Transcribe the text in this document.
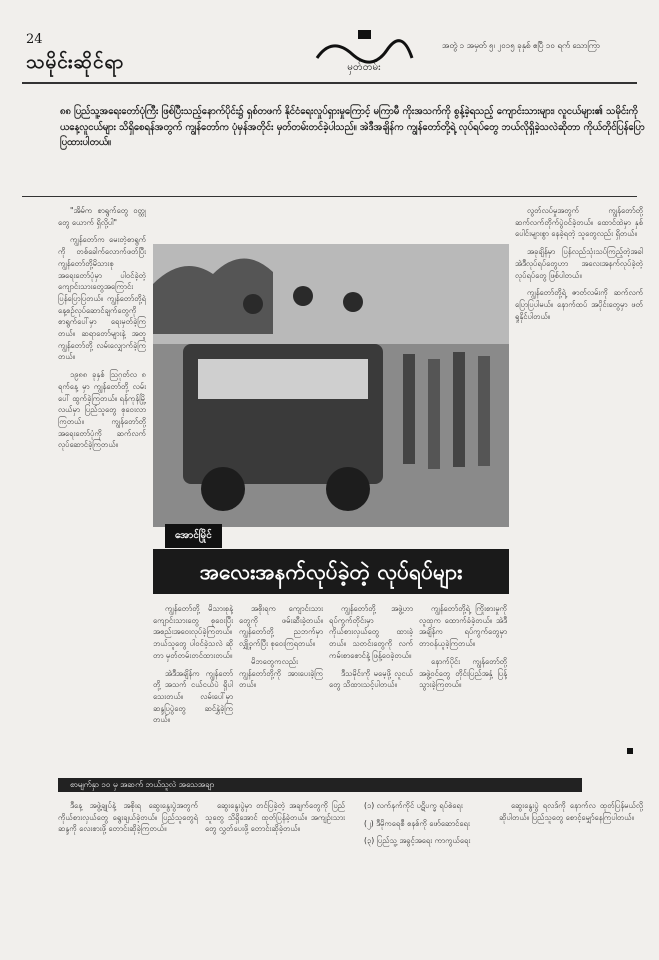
24
သမိုင်းဆိုင်ရာ	မှတ်တမ်း
အတွဲ ၁ အမှတ် ၅၊ ၂၀၁၅ ခုနှစ် ဧပြီ ၁၀ ရက် သောကြာ
၈၈ ပြည်သူ့အရေးတော်ပုံကြီး ဖြစ်ပြီးသည့်နောက်ပိုင်း၌ ရှစ်တဖက် နိုင်ငံရေးလှုပ်ရှားမှုကြောင့် မကြာမီ ကိုးအသက်ကို စွန့်ခဲ့ရသည့် ကျောင်းသားများ၊ လူငယ်များ၏ သမိုင်းကို ယနေ့လူငယ်များ သိရှိစေရန်အတွက် ကျွန်တော်က ပုံမှန်အတိုင်း မှတ်တမ်းတင်ခဲ့ပါသည်။ အဲဒီအချိန်က ကျွန်တော်တို့ရဲ့ လုပ်ရပ်တွေ ဘယ်လိုရှိခဲ့သလဲဆိုတာ ကိုယ်တိုင်ပြန်ပြောပြထားပါတယ်။

"အိမ်က စာရွက်တွေ ဝတ္ထုတွေ ယောက် ရှိလို့ပါ"

ကျွန်တော်က မေးတဲ့စာရွက်ကို တစ်ခေါက်လောက်ဖတ်ပြီး ကျွန်တော်တို့မိသားစု အရေးတော်ပုံမှာ ပါဝင်ခဲ့တဲ့ ကျောင်းသားတွေအကြောင်း ပြန်ပြောပြတယ်။ ကျွန်တော်တို့ရဲ့ နေ့စဉ်လုပ်ဆောင်ချက်တွေကို စာရွက်ပေါ်မှာ ရေးမှတ်ခဲ့ကြတယ်။ ဆရာတော်များနဲ့ အတူ ကျွန်တော်တို့ လမ်းလျှောက်ခဲ့ကြတယ်။

၁၉၈၈ ခုနှစ် ဩဂုတ်လ ၈ ရက်နေ့ မှာ ကျွန်တော်တို့ လမ်းပေါ် ထွက်ခဲ့ကြတယ်။ ရန်ကုန်မြို့လယ်မှာ ပြည်သူတွေ စုဝေးလာကြတယ်။ ကျွန်တော်တို့ အရေးတော်ပုံကို ဆက်လက်လုပ်ဆောင်ခဲ့ကြတယ်။

အောင်မြိုင်
အလေးအနက်လုပ်ခဲ့တဲ့ လုပ်ရပ်များ

လွတ်လပ်မှုအတွက် ကျွန်တော်တို့ ဆက်လက်တိုက်ပွဲဝင်ခဲ့တယ်။ ထောင်ထဲမှာ နှစ်ပေါင်းများစွာ နေခဲ့ရတဲ့ သူတွေလည်း ရှိတယ်။

အခုချိန်မှာ ပြန်လည်သုံးသပ်ကြည့်တဲ့အခါ အဲဒီလုပ်ရပ်တွေဟာ အလေးအနက်လုပ်ခဲ့တဲ့ လုပ်ရပ်တွေ ဖြစ်ပါတယ်။

ကျွန်တော်တို့ရဲ့ ဇာတ်လမ်းကို ဆက်လက်ပြောပြပါမယ်။ နောက်ထပ် အပိုင်းတွေမှာ ဖတ်ရှုနိုင်ပါတယ်။

ကျွန်တော်တို့ မိသားစုနဲ့ ကျောင်းသားတွေ စုဝေးပြီး အစည်းအဝေးလုပ်ခဲ့ကြတယ်။ ဘယ်သူတွေ ပါဝင်ခဲ့သလဲ ဆိုတာ မှတ်တမ်းတင်ထားတယ်။

အဲဒီအချိန်က ကျွန်တော်တို့ အသက် ငယ်ငယ်ပဲ ရှိပါသေးတယ်။ လမ်းပေါ်မှာ ဆန္ဒပြပွဲတွေ ဆင်နွှဲခဲ့ကြတယ်။

အစိုးရက ကျောင်းသားတွေကို ဖမ်းဆီးခဲ့တယ်။ ကျွန်တော်တို့ ညဘက်မှာ လျှို့ဝှက်ပြီး စုဝေးကြရတယ်။

မိဘတွေကလည်း ကျွန်တော်တို့ကို အားပေးခဲ့ကြတယ်။

ကျွန်တော်တို့ အဖွဲ့ဟာ ရပ်ကွက်တိုင်းမှာ ကိုယ်စားလှယ်တွေ ထားခဲ့တယ်။ သတင်းတွေကို လက်ကမ်းစာစောင်နဲ့ ဖြန့်ဝေခဲ့တယ်။

ဒီသမိုင်းကို မမေ့ဖို့ လူငယ်တွေ သိထားသင့်ပါတယ်။

ကျွန်တော်တို့ရဲ့ ကြိုးစားမှုကို လူထုက ထောက်ခံခဲ့တယ်။ အဲဒီအချိန်က ရပ်ကွက်တွေမှာ တာဝန်ယူခဲ့ကြတယ်။

နောက်ပိုင်း ကျွန်တော်တို့ အဖွဲ့ဝင်တွေ တိုင်းပြည်အနှံ့ ပြန့်သွားခဲ့ကြတယ်။

စာမျက်နှာ ၁၀ မှ အဆက် ဘယ်သူလဲ အသေအချာ

ဒီနေ့ အဖွဲ့ချုပ်နဲ့ အစိုးရ ဆွေးနွေးပွဲအတွက် ကိုယ်စားလှယ်တွေ ရွေးချယ်ခဲ့တယ်။ ပြည်သူတွေရဲ့ ဆန္ဒကို လေးစားဖို့ တောင်းဆိုခဲ့ကြတယ်။

ဆွေးနွေးပွဲမှာ တင်ပြခဲ့တဲ့ အချက်တွေကို ပြည်သူတွေ သိရှိအောင် ထုတ်ပြန်ခဲ့တယ်။ အကျဉ်းသားတွေ လွှတ်ပေးဖို့ တောင်းဆိုခဲ့တယ်။

(၁) လက်နက်ကိုင် ပဋိပက္ခ ရပ်စဲရေး

(၂) ဒီမိုကရေစီ စနစ်ကို ဖော်ဆောင်ရေး

(၃) ပြည်သူ့ အခွင့်အရေး ကာကွယ်ရေး

ဆွေးနွေးပွဲ ရလဒ်ကို နောက်လ ထုတ်ပြန်မယ်လို့ ဆိုပါတယ်။ ပြည်သူတွေ စောင့်မျှော်နေကြပါတယ်။
